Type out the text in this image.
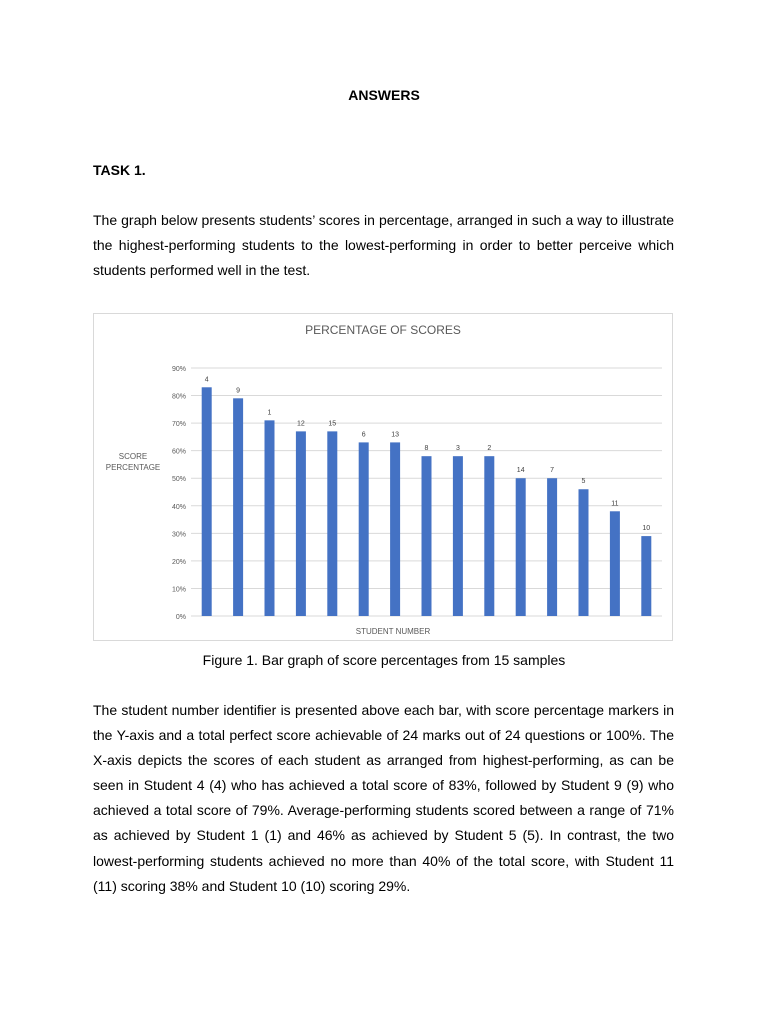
ANSWERS
TASK 1.

The graph below presents students’ scores in percentage, arranged in such a way to illustrate the highest-performing students to the lowest-performing in order to better perceive which students performed well in the test.

PERCENTAGE OF SCORES
0%
10%
20%
30%
40%
50%
60%
70%
80%
90%
SCORE
PERCENTAGE
4
9
1
12	15
6	13
8	3	2
14	7
5
11
10
STUDENT NUMBER
Figure 1. Bar graph of score percentages from 15 samples

The student number identifier is presented above each bar, with score percentage markers in the Y-axis and a total perfect score achievable of 24 marks out of 24 questions or 100%. The X-axis depicts the scores of each student as arranged from highest-performing, as can be seen in Student 4 (4) who has achieved a total score of 83%, followed by Student 9 (9) who achieved a total score of 79%. Average-performing students scored between a range of 71% as achieved by Student 1 (1) and 46% as achieved by Student 5 (5). In contrast, the two lowest-performing students achieved no more than 40% of the total score, with Student 11 (11) scoring 38% and Student 10 (10) scoring 29%.
